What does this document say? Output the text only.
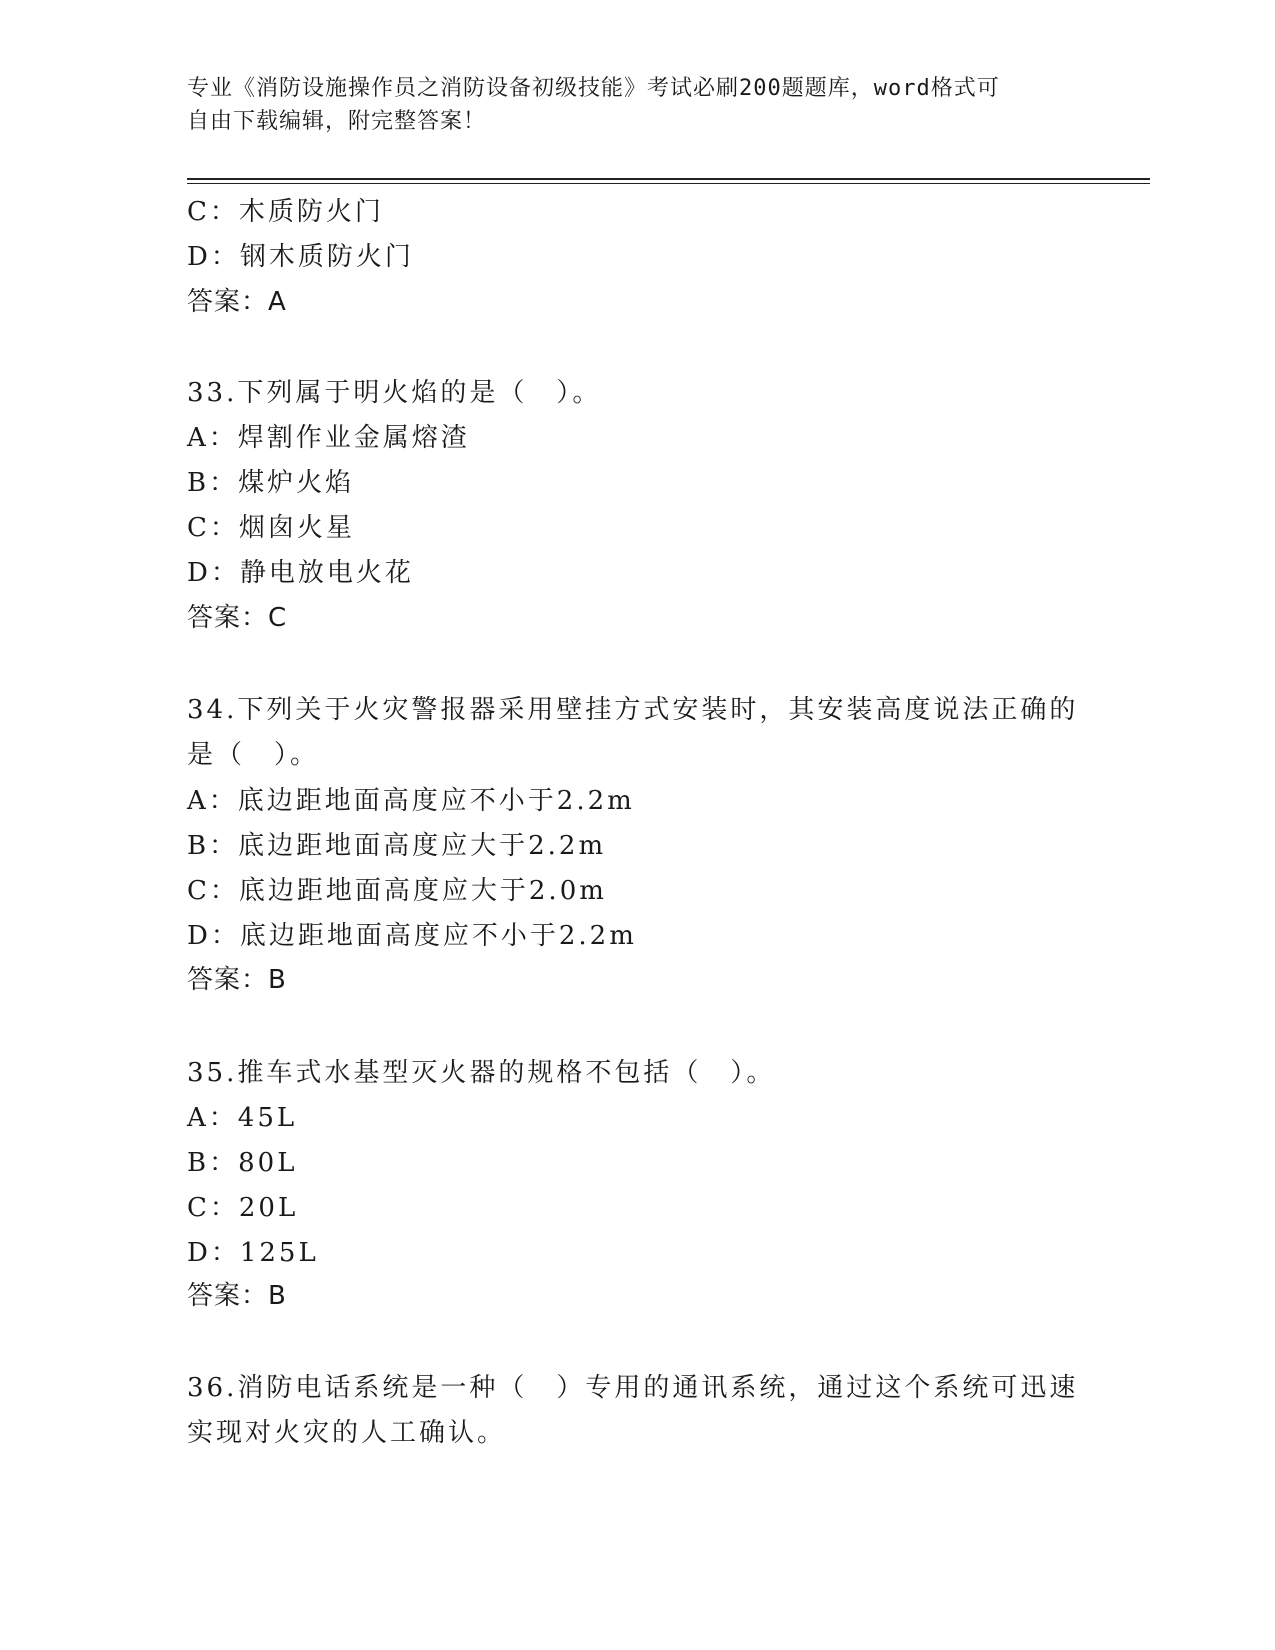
专业《消防设施操作员之消防设备初级技能》考试必刷200题题库，word格式可
自由下载编辑，附完整答案！
C：木质防火门
D：钢木质防火门
答案：A
33.下列属于明火焰的是（　）。
A：焊割作业金属熔渣
B：煤炉火焰
C：烟囱火星
D：静电放电火花
答案：C
34.下列关于火灾警报器采用壁挂方式安装时，其安装高度说法正确的
是（　）。
A：底边距地面高度应不小于2.2m
B：底边距地面高度应大于2.2m
C：底边距地面高度应大于2.0m
D：底边距地面高度应不小于2.2m
答案：B
35.推车式水基型灭火器的规格不包括（　）。
A：45L
B：80L
C：20L
D：125L
答案：B
36.消防电话系统是一种（　）专用的通讯系统，通过这个系统可迅速
实现对火灾的人工确认。
